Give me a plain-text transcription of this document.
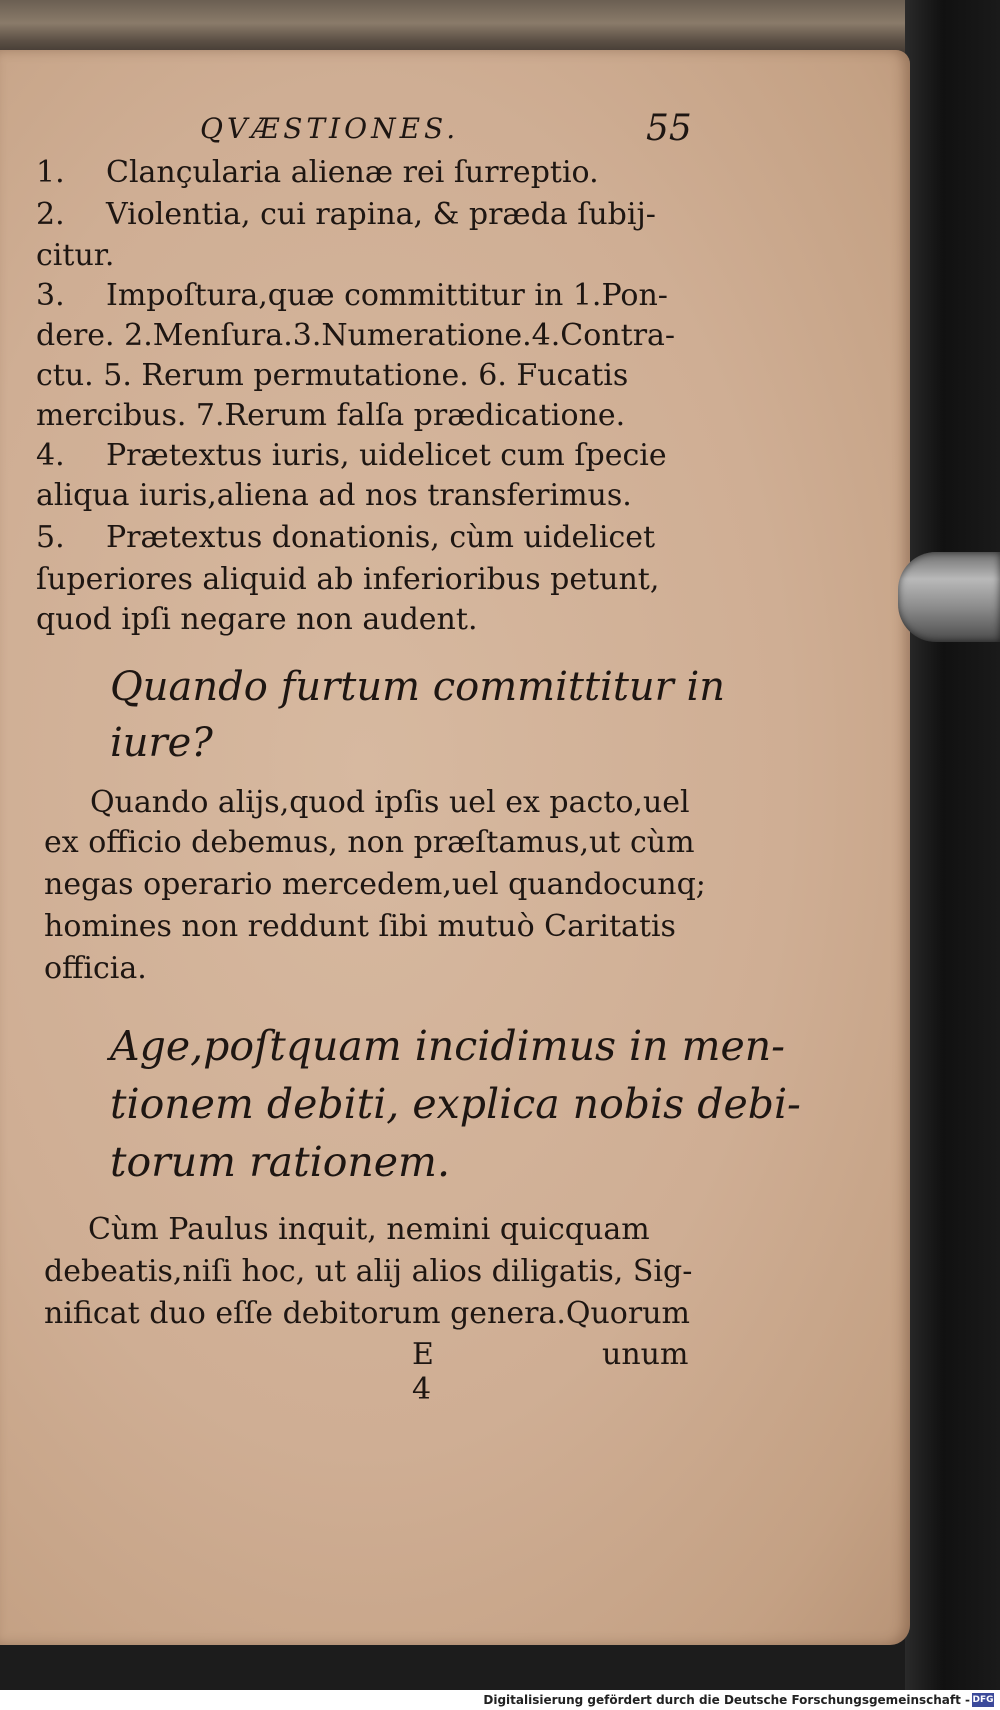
QVÆSTIONES.	55
1. Clançularia alienæ rei ſurreptio.
2. Violentia, cui rapina, & præda ſubij-
citur.
3. Impoſtura,quæ committitur in 1.Pon-
dere. 2.Menſura.3.Numeratione.4.Contra-
ctu. 5. Rerum permutatione. 6. Fucatis
mercibus. 7.Rerum falſa prædicatione.
4. Prætextus iuris, uidelicet cum ſpecie
aliqua iuris,aliena ad nos transferimus.
5. Prætextus donationis, cùm uidelicet
ſuperiores aliquid ab inferioribus petunt,
quod ipſi negare non audent.
Quando furtum committitur in
iure?
Quando alijs,quod ipſis uel ex pacto,uel
ex officio debemus, non præſtamus,ut cùm
negas operario mercedem,uel quandocunq;
homines non reddunt ſibi mutuò Caritatis
officia.
Age,poſtquam incidimus in men-
tionem debiti, explica nobis debi-
torum rationem.
Cùm Paulus inquit, nemini quicquam
debeatis,niſi hoc, ut alij alios diligatis, Sig-
nificat duo eſſe debitorum genera.Quorum
E 4
unum
Digitalisierung gefördert durch die Deutsche Forschungsgemeinschaft - DFG
